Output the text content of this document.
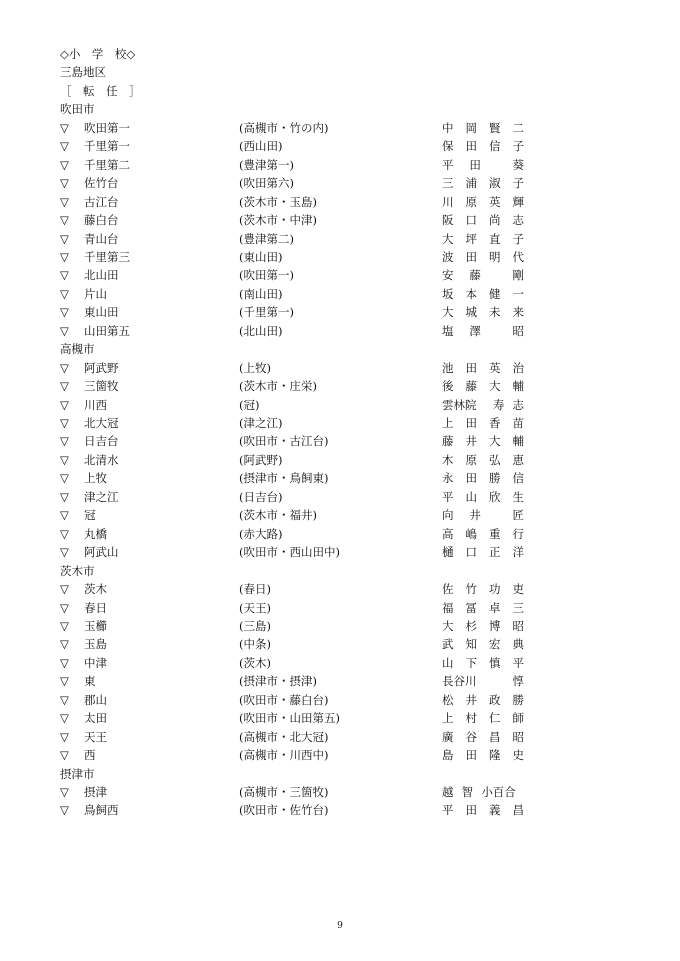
◇小　学　校◇
三島地区
［　転　任　］
吹田市
▽ 吹田第一	(高槻市・竹の内)	中 岡 賢 二
▽ 千里第一	(西山田)	保 田 信 子
▽ 千里第二	(豊津第一)	平 田	葵
▽ 佐竹台	(吹田第六)	三 浦 淑 子
▽ 古江台	(茨木市・玉島)	川 原 英 輝
▽ 藤白台	(茨木市・中津)	阪 口 尚 志
▽ 青山台	(豊津第二)	大 坪 直 子
▽ 千里第三	(東山田)	波 田 明 代
▽ 北山田	(吹田第一)	安 藤	剛
▽ 片山	(南山田)	坂 本 健 一
▽ 東山田	(千里第一)	大 城 未 来
▽ 山田第五	(北山田)	塩 澤	昭
高槻市
▽ 阿武野	(上牧)	池 田 英 治
▽ 三箇牧	(茨木市・庄栄)	後 藤 大 輔
▽ 川西	(冠)	雲林院 寿 志
▽ 北大冠	(津之江)	上 田 香 苗
▽ 日吉台	(吹田市・古江台)	藤 井 大 輔
▽ 北清水	(阿武野)	木 原 弘 恵
▽ 上牧	(摂津市・鳥飼東)	永 田 勝 信
▽ 津之江	(日吉台)	平 山 欣 生
▽ 冠	(茨木市・福井)	向 井	匠
▽ 丸橋	(赤大路)	高 嶋 重 行
▽ 阿武山	(吹田市・西山田中)	樋 口 正 洋
茨木市
▽ 茨木	(春日)	佐 竹 功 吏
▽ 春日	(天王)	福 冨 卓 三
▽ 玉櫛	(三島)	大 杉 博 昭
▽ 玉島	(中条)	武 知 宏 典
▽ 中津	(茨木)	山 下 慎 平
▽ 東	(摂津市・摂津)	長谷川	惇
▽ 郡山	(吹田市・藤白台)	松 井 政 勝
▽ 太田	(吹田市・山田第五)	上 村 仁 師
▽ 天王	(高槻市・北大冠)	廣 谷 昌 昭
▽ 西	(高槻市・川西中)	島 田 隆 史
摂津市
▽ 摂津	(高槻市・三箇牧)	越 智 小百合
▽ 鳥飼西	(吹田市・佐竹台)	平 田 義 昌
9
